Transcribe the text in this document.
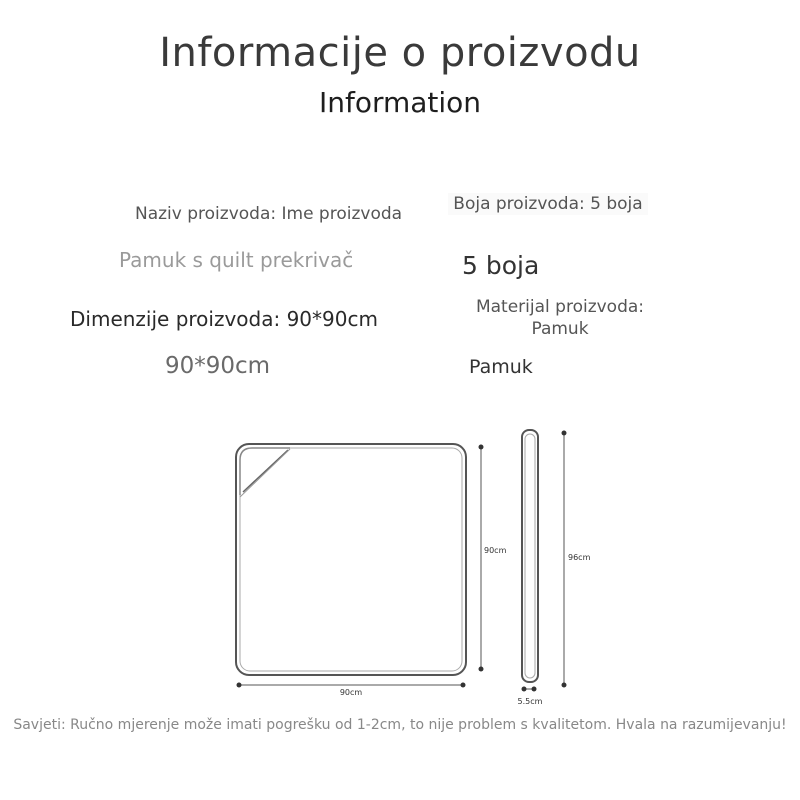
Informacije o proizvodu
Information
Naziv proizvoda: Ime proizvoda
Pamuk s quilt prekrivač
Boja proizvoda: 5 boja
5 boja
Dimenzije proizvoda: 90*90cm
90*90cm
Materijal proizvoda: Pamuk
Pamuk
90cm
90cm
96cm
5.5cm
Savjeti: Ručno mjerenje može imati pogrešku od 1-2cm, to nije problem s kvalitetom. Hvala na razumijevanju!
